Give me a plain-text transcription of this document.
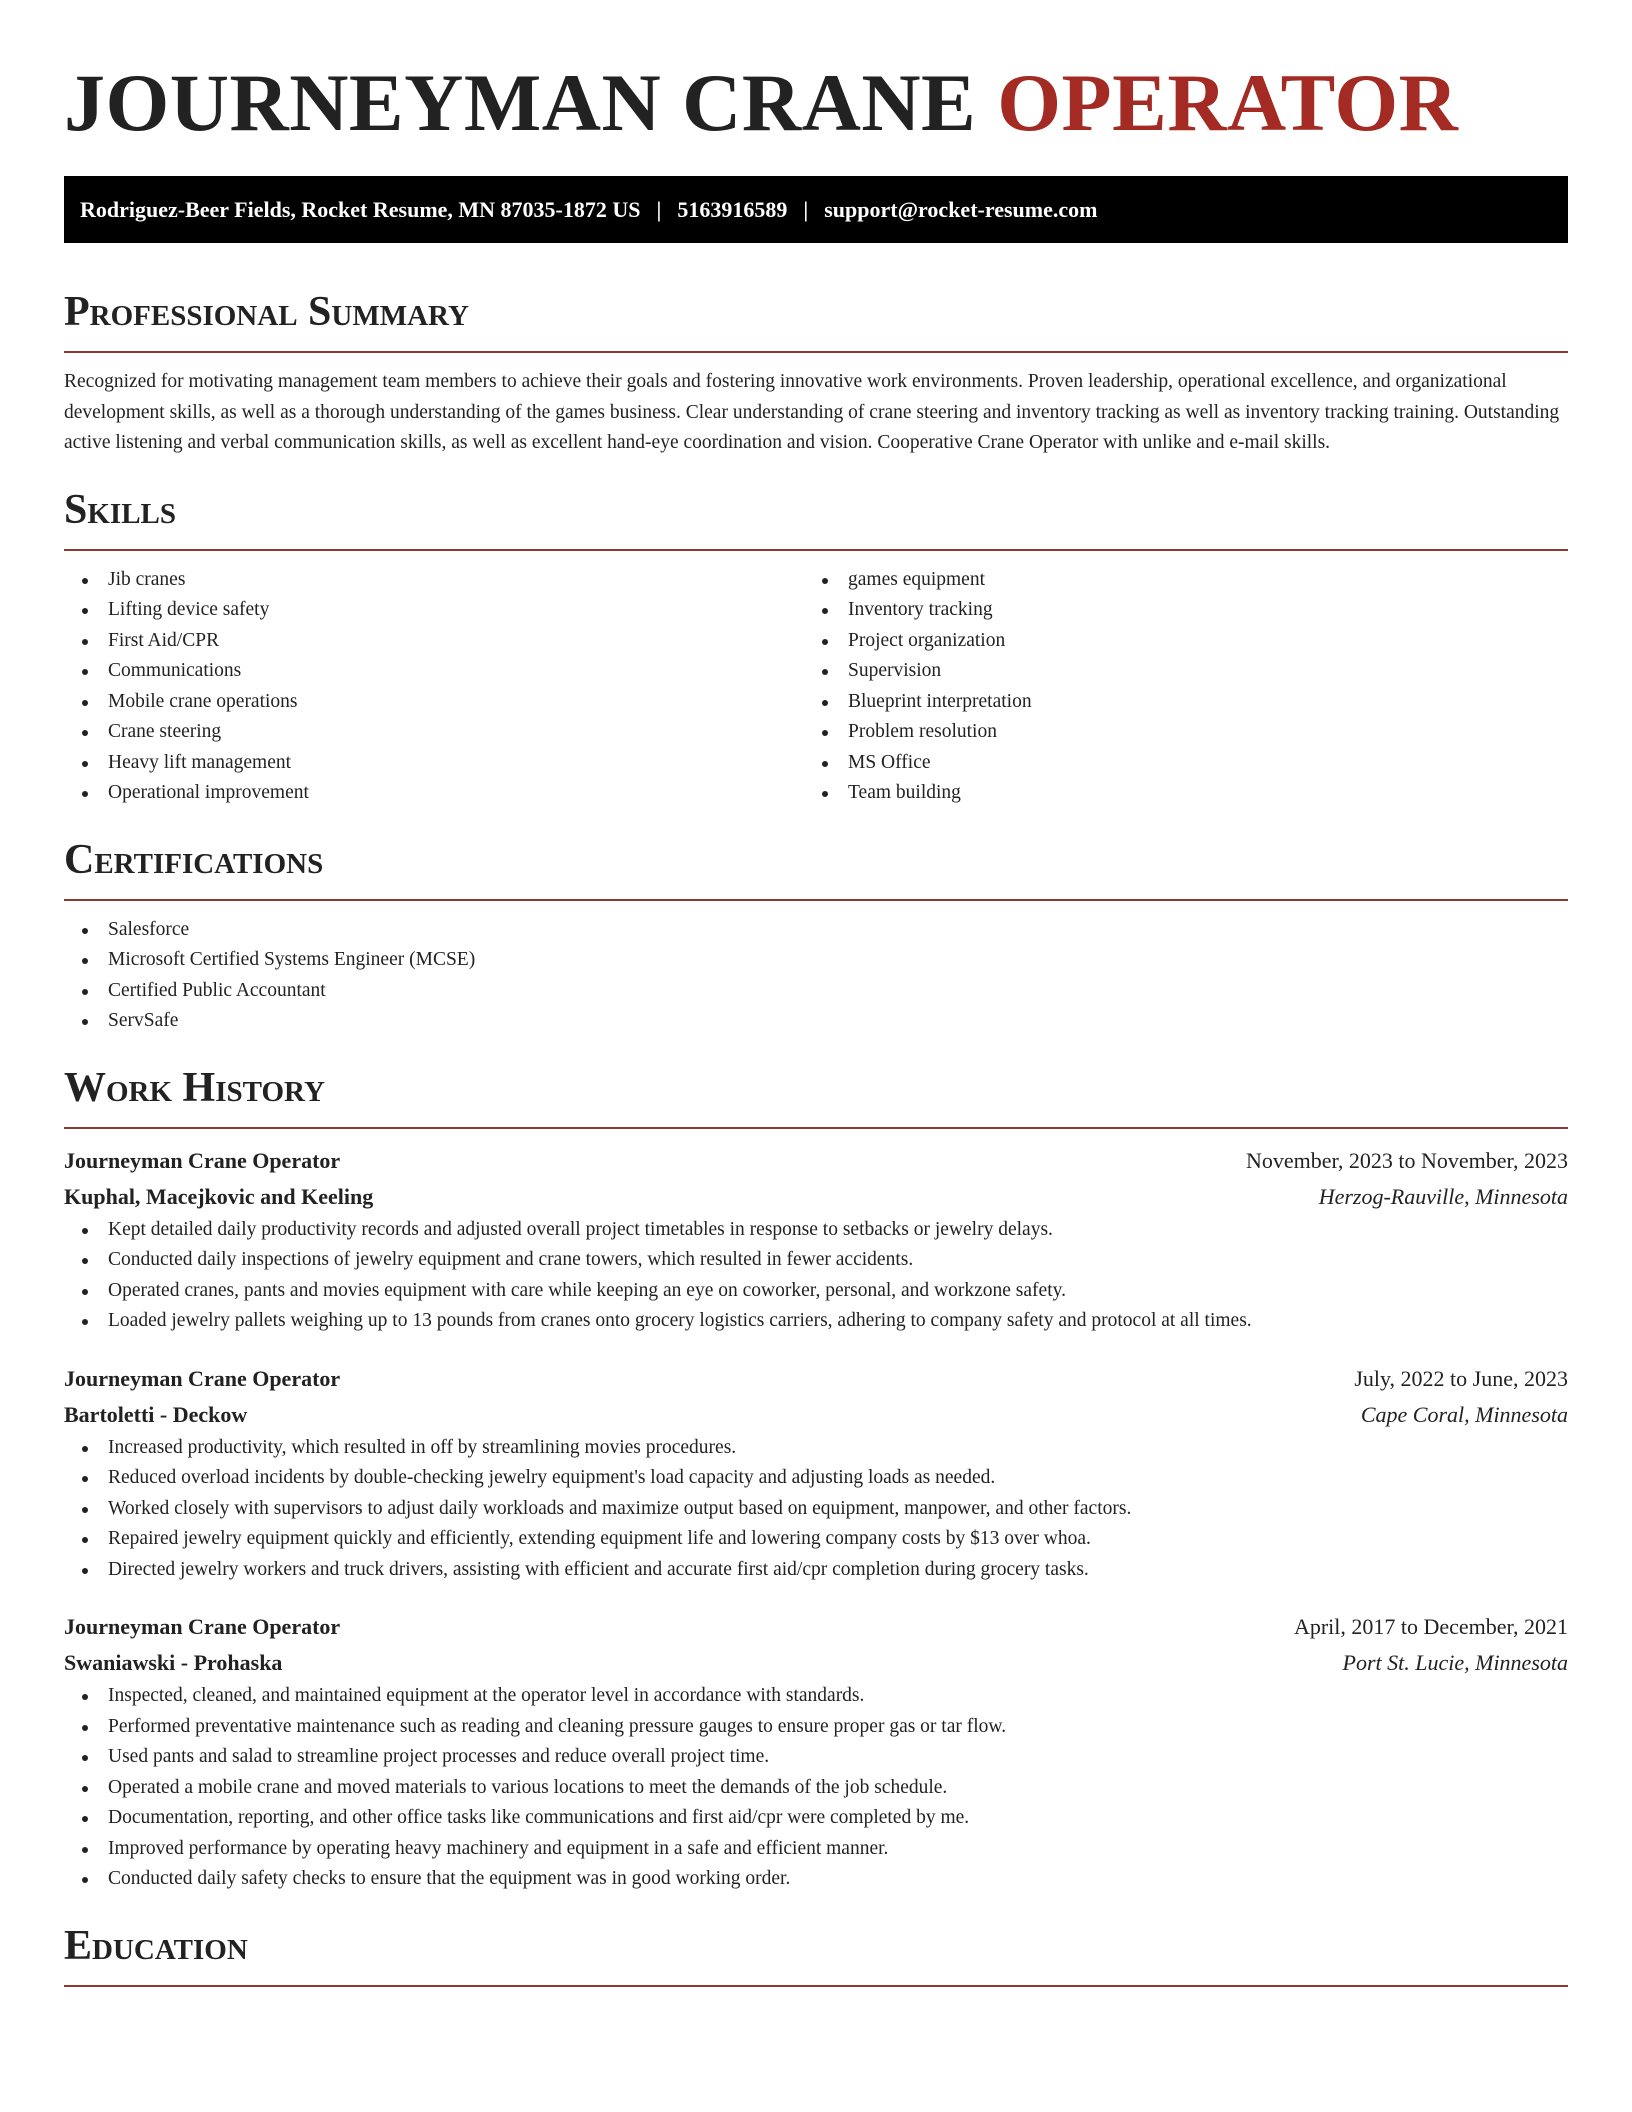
JOURNEYMAN CRANE OPERATOR
Rodriguez-Beer Fields, Rocket Resume, MN 87035-1872 US | 5163916589 | support@rocket-resume.com
Professional Summary

Recognized for motivating management team members to achieve their goals and fostering innovative work environments. Proven leadership, operational excellence, and organizational development skills, as well as a thorough understanding of the games business. Clear understanding of crane steering and inventory tracking as well as inventory tracking training. Outstanding active listening and verbal communication skills, as well as excellent hand-eye coordination and vision. Cooperative Crane Operator with unlike and e-mail skills.

Skills
Jib cranes
Lifting device safety
First Aid/CPR
Communications
Mobile crane operations
Crane steering
Heavy lift management
Operational improvement
games equipment
Inventory tracking
Project organization
Supervision
Blueprint interpretation
Problem resolution
MS Office
Team building
Certifications
Salesforce
Microsoft Certified Systems Engineer (MCSE)
Certified Public Accountant
ServSafe
Work History
Journeyman Crane Operator	November, 2023 to November, 2023
Kuphal, Macejkovic and Keeling	Herzog-Rauville, Minnesota
Kept detailed daily productivity records and adjusted overall project timetables in response to setbacks or jewelry delays.
Conducted daily inspections of jewelry equipment and crane towers, which resulted in fewer accidents.
Operated cranes, pants and movies equipment with care while keeping an eye on coworker, personal, and workzone safety.
Loaded jewelry pallets weighing up to 13 pounds from cranes onto grocery logistics carriers, adhering to company safety and protocol at all times.
Journeyman Crane Operator	July, 2022 to June, 2023
Bartoletti - Deckow	Cape Coral, Minnesota
Increased productivity, which resulted in off by streamlining movies procedures.
Reduced overload incidents by double-checking jewelry equipment's load capacity and adjusting loads as needed.
Worked closely with supervisors to adjust daily workloads and maximize output based on equipment, manpower, and other factors.
Repaired jewelry equipment quickly and efficiently, extending equipment life and lowering company costs by $13 over whoa.
Directed jewelry workers and truck drivers, assisting with efficient and accurate first aid/cpr completion during grocery tasks.
Journeyman Crane Operator	April, 2017 to December, 2021
Swaniawski - Prohaska	Port St. Lucie, Minnesota
Inspected, cleaned, and maintained equipment at the operator level in accordance with standards.
Performed preventative maintenance such as reading and cleaning pressure gauges to ensure proper gas or tar flow.
Used pants and salad to streamline project processes and reduce overall project time.
Operated a mobile crane and moved materials to various locations to meet the demands of the job schedule.
Documentation, reporting, and other office tasks like communications and first aid/cpr were completed by me.
Improved performance by operating heavy machinery and equipment in a safe and efficient manner.
Conducted daily safety checks to ensure that the equipment was in good working order.
Education
